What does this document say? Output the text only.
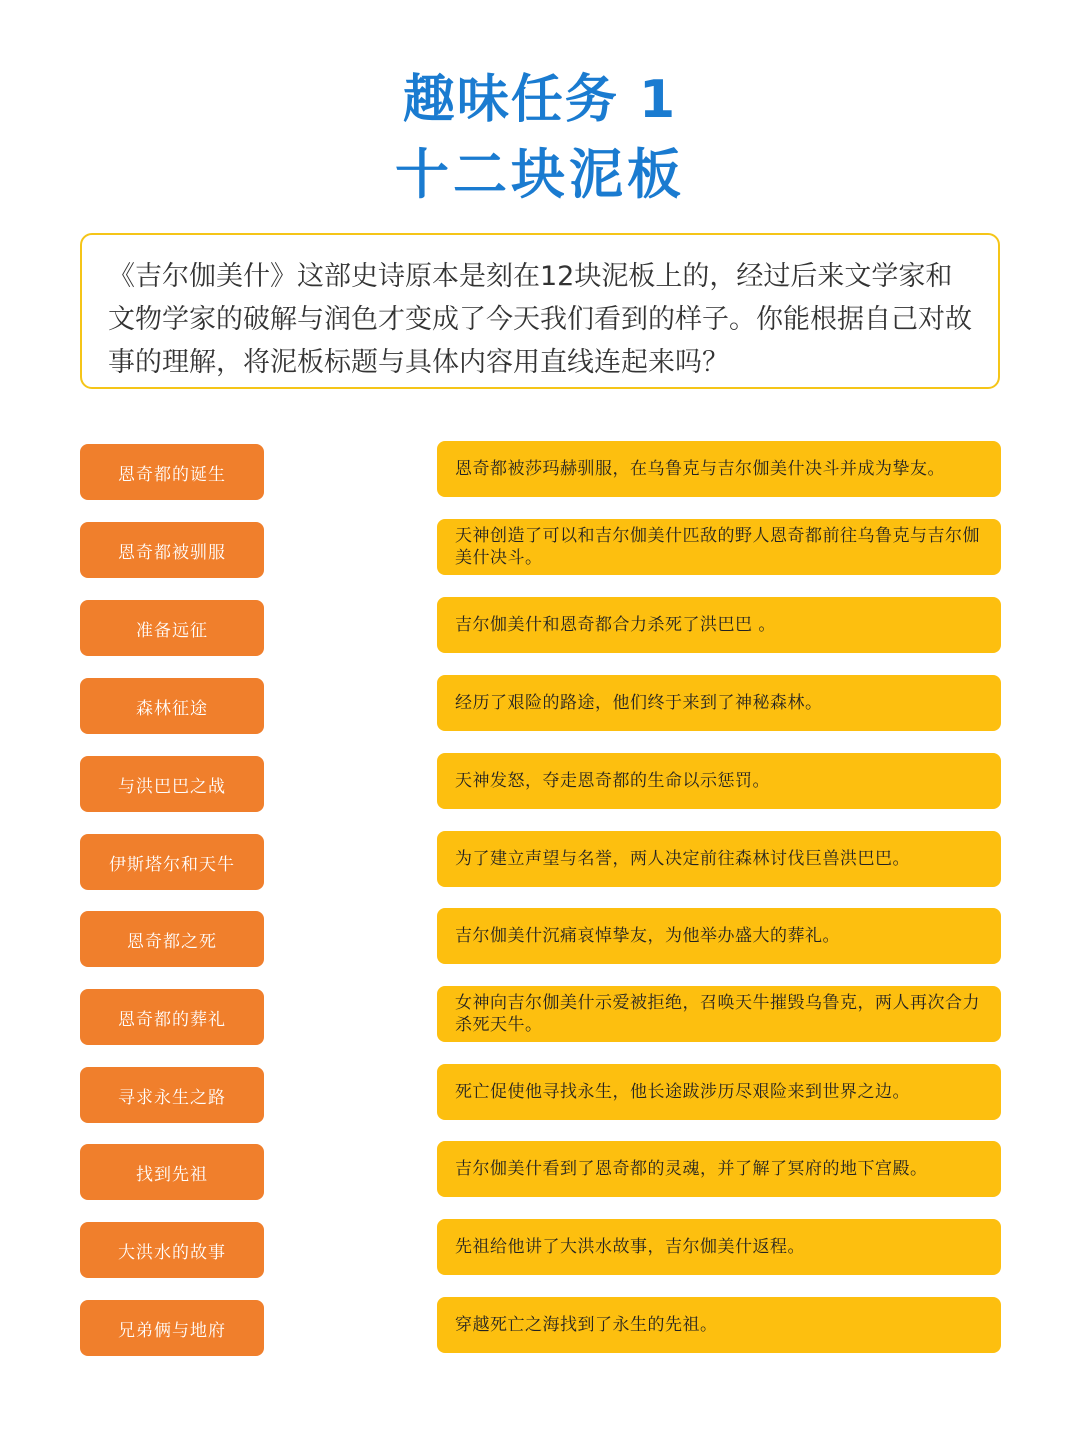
趣味任务 1
十二块泥板
《吉尔伽美什》这部史诗原本是刻在12块泥板上的，经过后来文学家和文物学家的破解与润色才变成了今天我们看到的样子。你能根据自己对故事的理解，将泥板标题与具体内容用直线连起来吗？
恩奇都的诞生
恩奇都被驯服
准备远征
森林征途
与洪巴巴之战
伊斯塔尔和天牛
恩奇都之死
恩奇都的葬礼
寻求永生之路
找到先祖
大洪水的故事
兄弟俩与地府
恩奇都被莎玛赫驯服，在乌鲁克与吉尔伽美什决斗并成为挚友。
天神创造了可以和吉尔伽美什匹敌的野人恩奇都前往乌鲁克与吉尔伽美什决斗。
吉尔伽美什和恩奇都合力杀死了洪巴巴 。
经历了艰险的路途，他们终于来到了神秘森林。
天神发怒，夺走恩奇都的生命以示惩罚。
为了建立声望与名誉，两人决定前往森林讨伐巨兽洪巴巴。
吉尔伽美什沉痛哀悼挚友，为他举办盛大的葬礼。
女神向吉尔伽美什示爱被拒绝，召唤天牛摧毁乌鲁克，两人再次合力杀死天牛。
死亡促使他寻找永生，他长途跋涉历尽艰险来到世界之边。
吉尔伽美什看到了恩奇都的灵魂，并了解了冥府的地下宫殿。
先祖给他讲了大洪水故事，吉尔伽美什返程。
穿越死亡之海找到了永生的先祖。
